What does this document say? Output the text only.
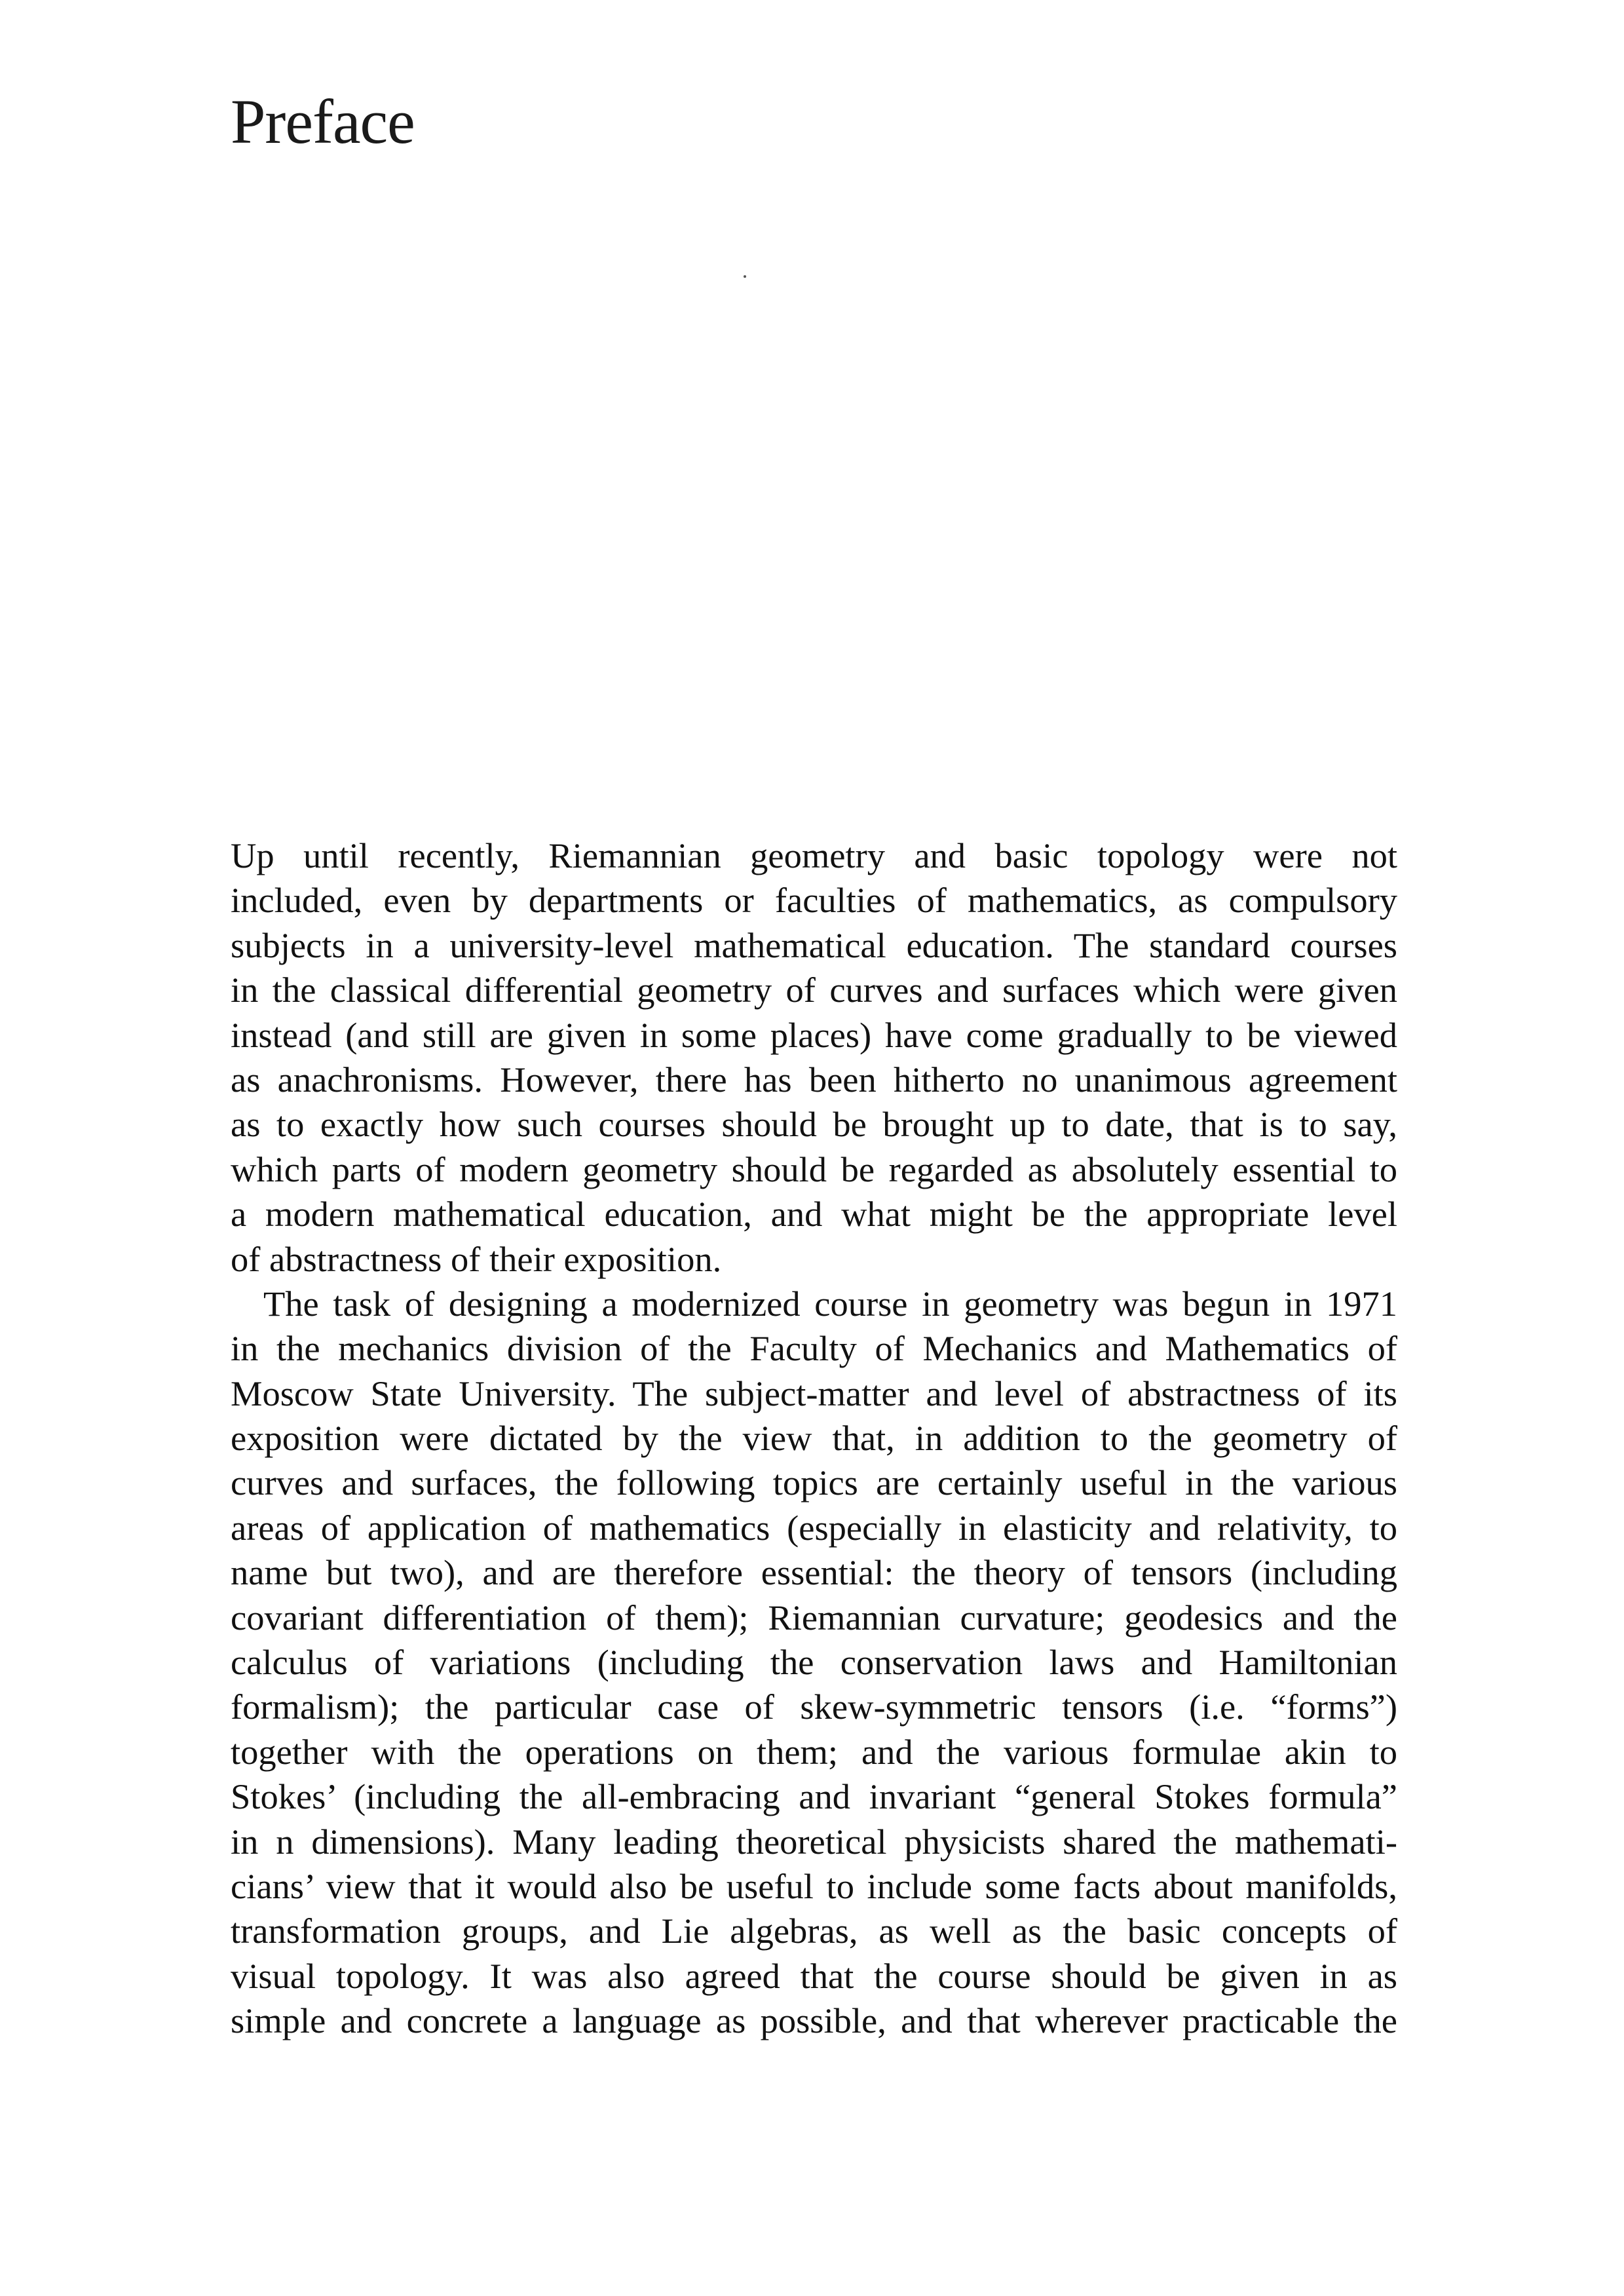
Preface
Up until recently, Riemannian geometry and basic topology were not
included, even by departments or faculties of mathematics, as compulsory
subjects in a university-level mathematical education. The standard courses
in the classical differential geometry of curves and surfaces which were given
instead (and still are given in some places) have come gradually to be viewed
as anachronisms. However, there has been hitherto no unanimous agreement
as to exactly how such courses should be brought up to date, that is to say,
which parts of modern geometry should be regarded as absolutely essential to
a modern mathematical education, and what might be the appropriate level
of abstractness of their exposition.
The task of designing a modernized course in geometry was begun in 1971
in the mechanics division of the Faculty of Mechanics and Mathematics of
Moscow State University. The subject-matter and level of abstractness of its
exposition were dictated by the view that, in addition to the geometry of
curves and surfaces, the following topics are certainly useful in the various
areas of application of mathematics (especially in elasticity and relativity, to
name but two), and are therefore essential: the theory of tensors (including
covariant differentiation of them); Riemannian curvature; geodesics and the
calculus of variations (including the conservation laws and Hamiltonian
formalism); the particular case of skew-symmetric tensors (i.e. “forms”)
together with the operations on them; and the various formulae akin to
Stokes’ (including the all-embracing and invariant “general Stokes formula”
in n dimensions). Many leading theoretical physicists shared the mathemati-
cians’ view that it would also be useful to include some facts about manifolds,
transformation groups, and Lie algebras, as well as the basic concepts of
visual topology. It was also agreed that the course should be given in as
simple and concrete a language as possible, and that wherever practicable the
